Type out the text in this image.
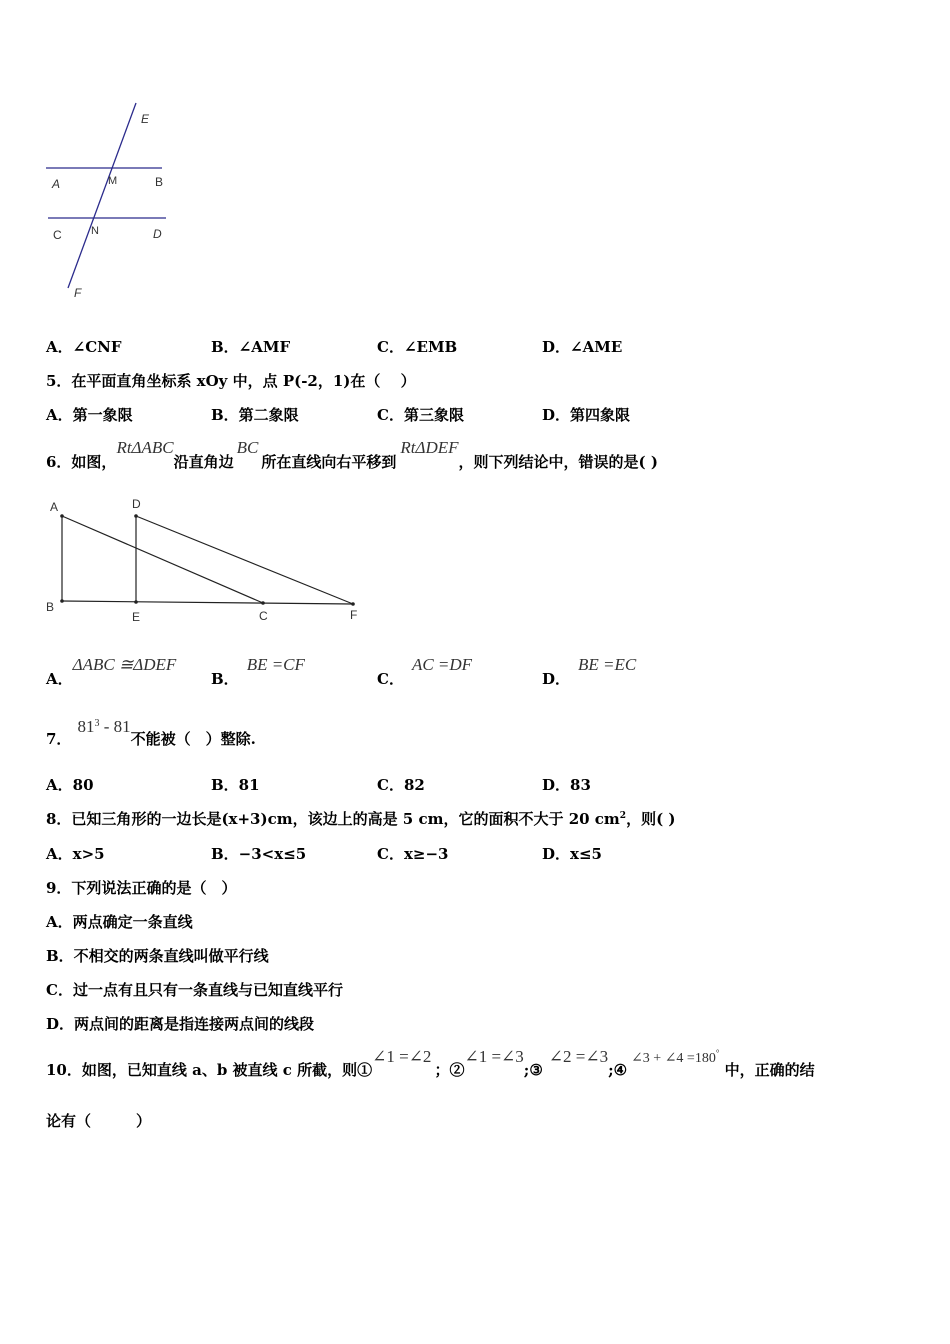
E
A	M	B
C	N	D
F
A．∠CNF	B．∠AMF	C．∠EMB	D．∠AME
5．在平面直角坐标系 xOy 中，点 P(-2，1)在（　 ）
A．第一象限	B．第二象限	C．第三象限	D．第四象限
6．如图，RtΔABC沿直角边BC所在直线向右平移到RtΔDEF，则下列结论中，错误的是( )
A	D
B
E	C	F
A．ΔABC ≅ΔDEF
B．BE =CF
C．AC =DF
D．BE =EC
7．$81^3 - 81$不能被（　）整除.
A．80	B．81	C．82	D．83
8．已知三角形的一边长是(x+3)cm，该边上的高是 5 cm，它的面积不大于 20 $cm^2$，则( )
A．x>5	B．−3<x≤5	C．x≥−3	D．x≤5
9．下列说法正确的是（　）
A．两点确定一条直线
B．不相交的两条直线叫做平行线
C．过一点有且只有一条直线与已知直线平行
D．两点间的距离是指连接两点间的线段
10．如图，已知直线 a、b 被直线 c 所截，则①∠1 =∠2；②∠1 =∠3;③∠2 =∠3;④∠3 + ∠4 =180° 中，正确的结
论有（　　　）
